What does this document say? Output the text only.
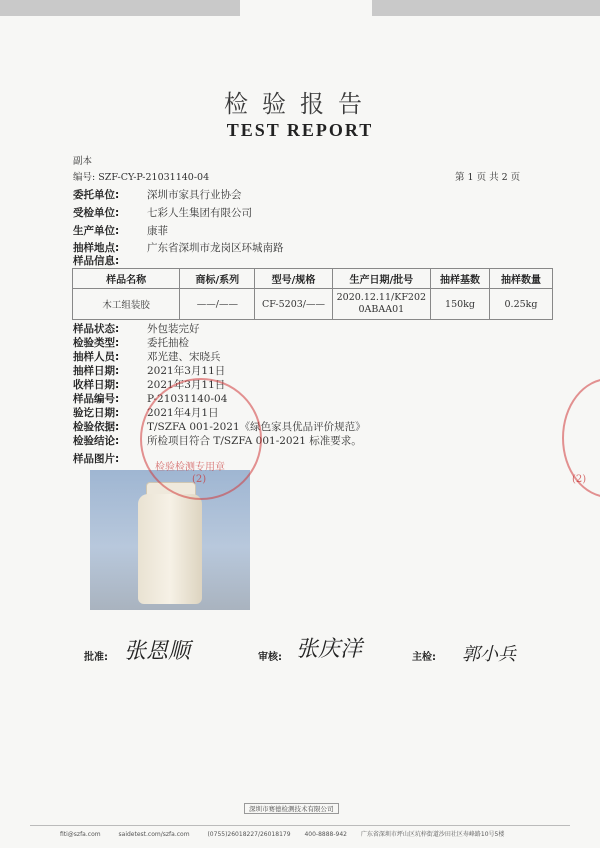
检验报告
TEST REPORT
副本
编号: SZF-CY-P-21031140-04	第 1 页 共 2 页
委托单位:	深圳市家具行业协会
受检单位:	七彩人生集团有限公司
生产单位:	康菲
抽样地点:	广东省深圳市龙岗区环城南路
样品信息:
样品名称	商标/系列	型号/规格	生产日期/批号	抽样基数	抽样数量
木工组装胶	——/——	CF-5203/——	2020.12.11/KF2020ABAA01	150kg	0.25kg
样品状态:	外包装完好
检验类型:	委托抽检
抽样人员:	邓光建、宋晓兵
抽样日期:	2021年3月11日
收样日期:	2021年3月11日
样品编号:	P-21031140-04
验讫日期:	2021年4月1日
检验依据:	T/SZFA 001-2021《绿色家具优品评价规范》
检验结论:	所检项目符合 T/SZFA 001-2021 标准要求。
样品图片:
检验检测专用章
(2)	(2)
批准: 张恩顺	审核: 张庆洋	主检: 郭小兵
深圳市赛德检测技术有限公司
fiti@szfa.com	saidetest.com/szfa.com	(0755)26018227/26018179 400-8888-942 广东省深圳市坪山区坑梓街道沙田社区寿峰路10号5楼
